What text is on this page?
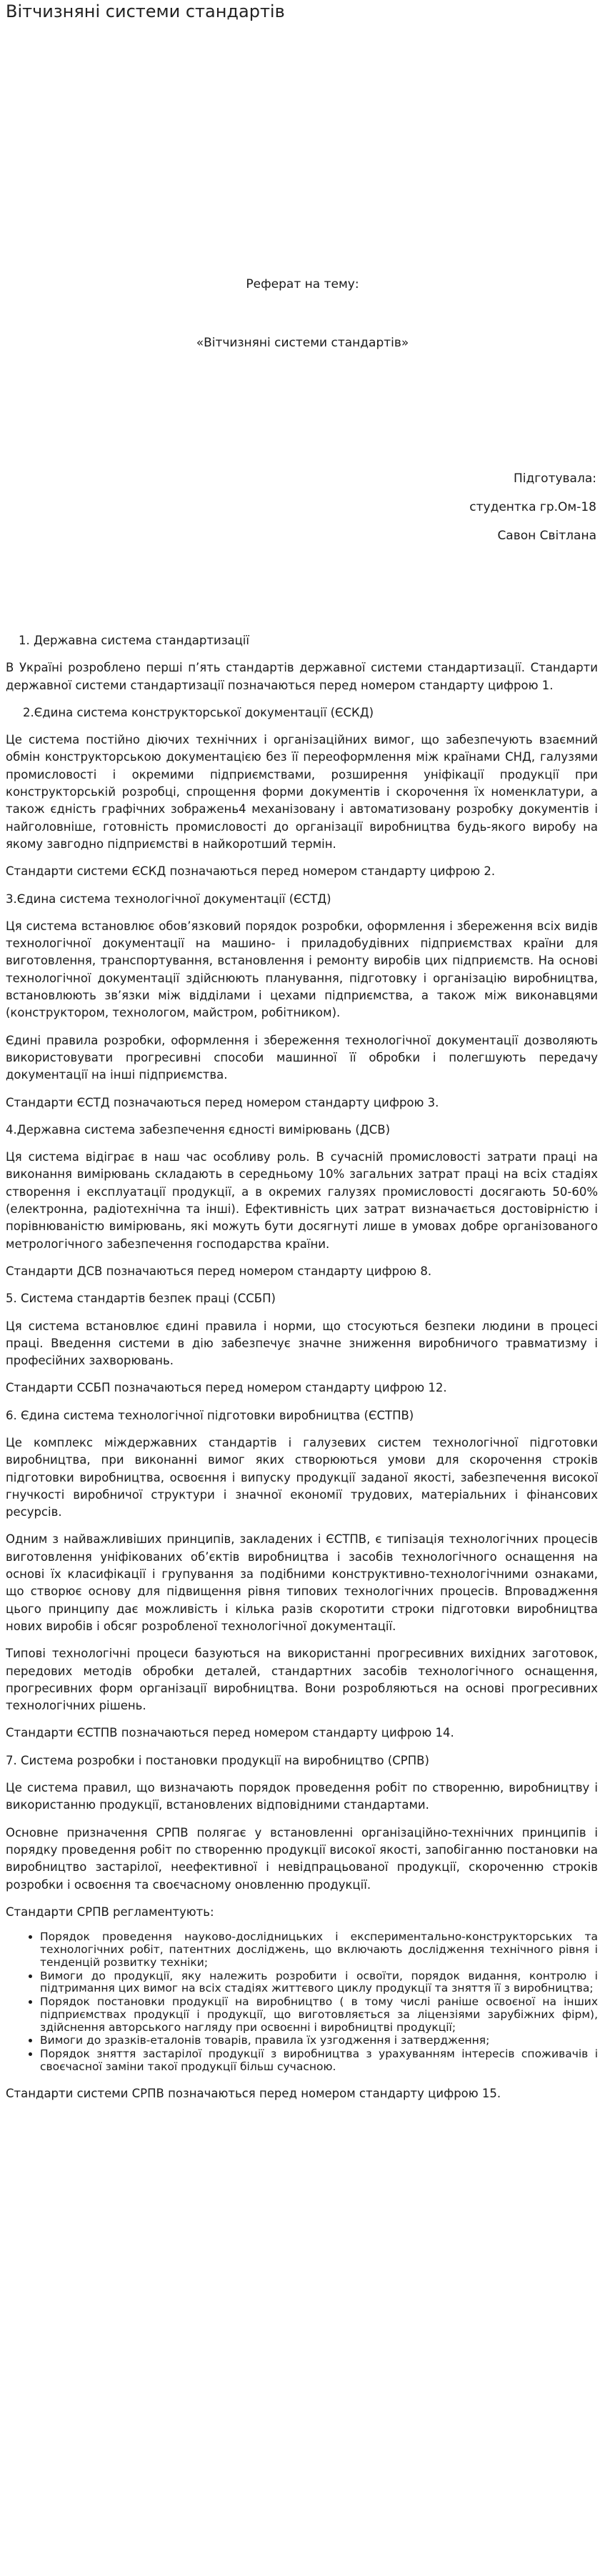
Вітчизняні системи стандартів
Реферат на тему:
«Вітчизняні системи стандартів»
Підготувала:
студентка гр.Ом-18
Савон Світлана

1. Державна система стандартизації

В Україні розроблено перші п’ять стандартів державної системи стандартизації. Стандарти державної системи стандартизації позначаються перед номером стандарту цифрою 1.

2.Єдина система конструкторської документації (ЄСКД)

Це система постійно діючих технічних і організаційних вимог, що забезпечують взаємний обмін конструкторською документацією без її переоформлення між країнами СНД, галузями промисловості і окремими підприємствами, розширення уніфікації продукції при конструкторській розробці, спрощення форми документів і скорочення їх номенклатури, а також єдність графічних зображень4 механізовану і автоматизовану розробку документів і найголовніше, готовність промисловості до організації виробництва будь-якого виробу на якому завгодно підприємстві в найкоротший термін.

Стандарти системи ЄСКД позначаються перед номером стандарту цифрою 2.

3.Єдина система технологічної документації (ЄСТД)

Ця система встановлює обов’язковий порядок розробки, оформлення і збереження всіх видів технологічної документації на машино- і приладобудівних підприємствах країни для виготовлення, транспортування, встановлення і ремонту виробів цих підприємств. На основі технологічної документації здійснюють планування, підготовку і організацію виробництва, встановлюють зв’язки між відділами і цехами підприємства, а також між виконавцями (конструктором, технологом, майстром, робітником).

Єдині правила розробки, оформлення і збереження технологічної документації дозволяють використовувати прогресивні способи машинної її обробки і полегшують передачу документації на інші підприємства.

Стандарти ЄСТД позначаються перед номером стандарту цифрою 3.

4.Державна система забезпечення єдності вимірювань (ДСВ)

Ця система відіграє в наш час особливу роль. В сучасній промисловості затрати праці на виконання вимірювань складають в середньому 10% загальних затрат праці на всіх стадіях створення і експлуатації продукції, а в окремих галузях промисловості досягають 50-60% (електронна, радіотехнічна та інші). Ефективність цих затрат визначається достовірністю і порівнюваністю вимірювань, які можуть бути досягнуті лише в умовах добре організованого метрологічного забезпечення господарства країни.

Стандарти ДСВ позначаються перед номером стандарту цифрою 8.

5. Система стандартів безпек праці (ССБП)

Ця система встановлює єдині правила і норми, що стосуються безпеки людини в процесі праці. Введення системи в дію забезпечує значне зниження виробничого травматизму і професійних захворювань.

Стандарти ССБП позначаються перед номером стандарту цифрою 12.

6. Єдина система технологічної підготовки виробництва (ЄСТПВ)

Це комплекс міждержавних стандартів і галузевих систем технологічної підготовки виробництва, при виконанні вимог яких створюються умови для скорочення строків підготовки виробництва, освоєння і випуску продукції заданої якості, забезпечення високої гнучкості виробничої структури і значної економії трудових, матеріальних і фінансових ресурсів.

Одним з найважливіших принципів, закладених і ЄСТПВ, є типізація технологічних процесів виготовлення уніфікованих об’єктів виробництва і засобів технологічного оснащення на основі їх класифікації і групування за подібними конструктивно-технологічними ознаками, що створює основу для підвищення рівня типових технологічних процесів. Впровадження цього принципу дає можливість і кілька разів скоротити строки підготовки виробництва нових виробів і обсяг розробленої технологічної документації.

Типові технологічні процеси базуються на використанні прогресивних вихідних заготовок, передових методів обробки деталей, стандартних засобів технологічного оснащення, прогресивних форм організації виробництва. Вони розробляються на основі прогресивних технологічних рішень.

Стандарти ЄСТПВ позначаються перед номером стандарту цифрою 14.

7. Система розробки і постановки продукції на виробництво (СРПВ)

Це система правил, що визначають порядок проведення робіт по створенню, виробництву і використанню продукції, встановлених відповідними стандартами.

Основне призначення СРПВ полягає у встановленні організаційно-технічних принципів і порядку проведення робіт по створенню продукції високої якості, запобіганню постановки на виробництво застарілої, неефективної і невідпрацьованої продукції, скороченню строків розробки і освоєння та своєчасному оновленню продукції.

Стандарти СРПВ регламентують:

• Порядок проведення науково-дослідницьких і експериментально-конструкторських та технологічних робіт, патентних досліджень, що включають дослідження технічного рівня і тенденцій розвитку техніки;
• Вимоги до продукції, яку належить розробити і освоїти, порядок видання, контролю і підтримання цих вимог на всіх стадіях життєвого циклу продукції та зняття її з виробництва;
• Порядок постановки продукції на виробництво ( в тому числі раніше освоєної на інших підприємствах продукції і продукції, що виготовляється за ліцензіями зарубіжних фірм), здійснення авторського нагляду при освоєнні і виробництві продукції;
• Вимоги до зразків-еталонів товарів, правила їх узгодження і затвердження;
• Порядок зняття застарілої продукції з виробництва з урахуванням інтересів споживачів і своєчасної заміни такої продукції більш сучасною.

Стандарти системи СРПВ позначаються перед номером стандарту цифрою 15.
